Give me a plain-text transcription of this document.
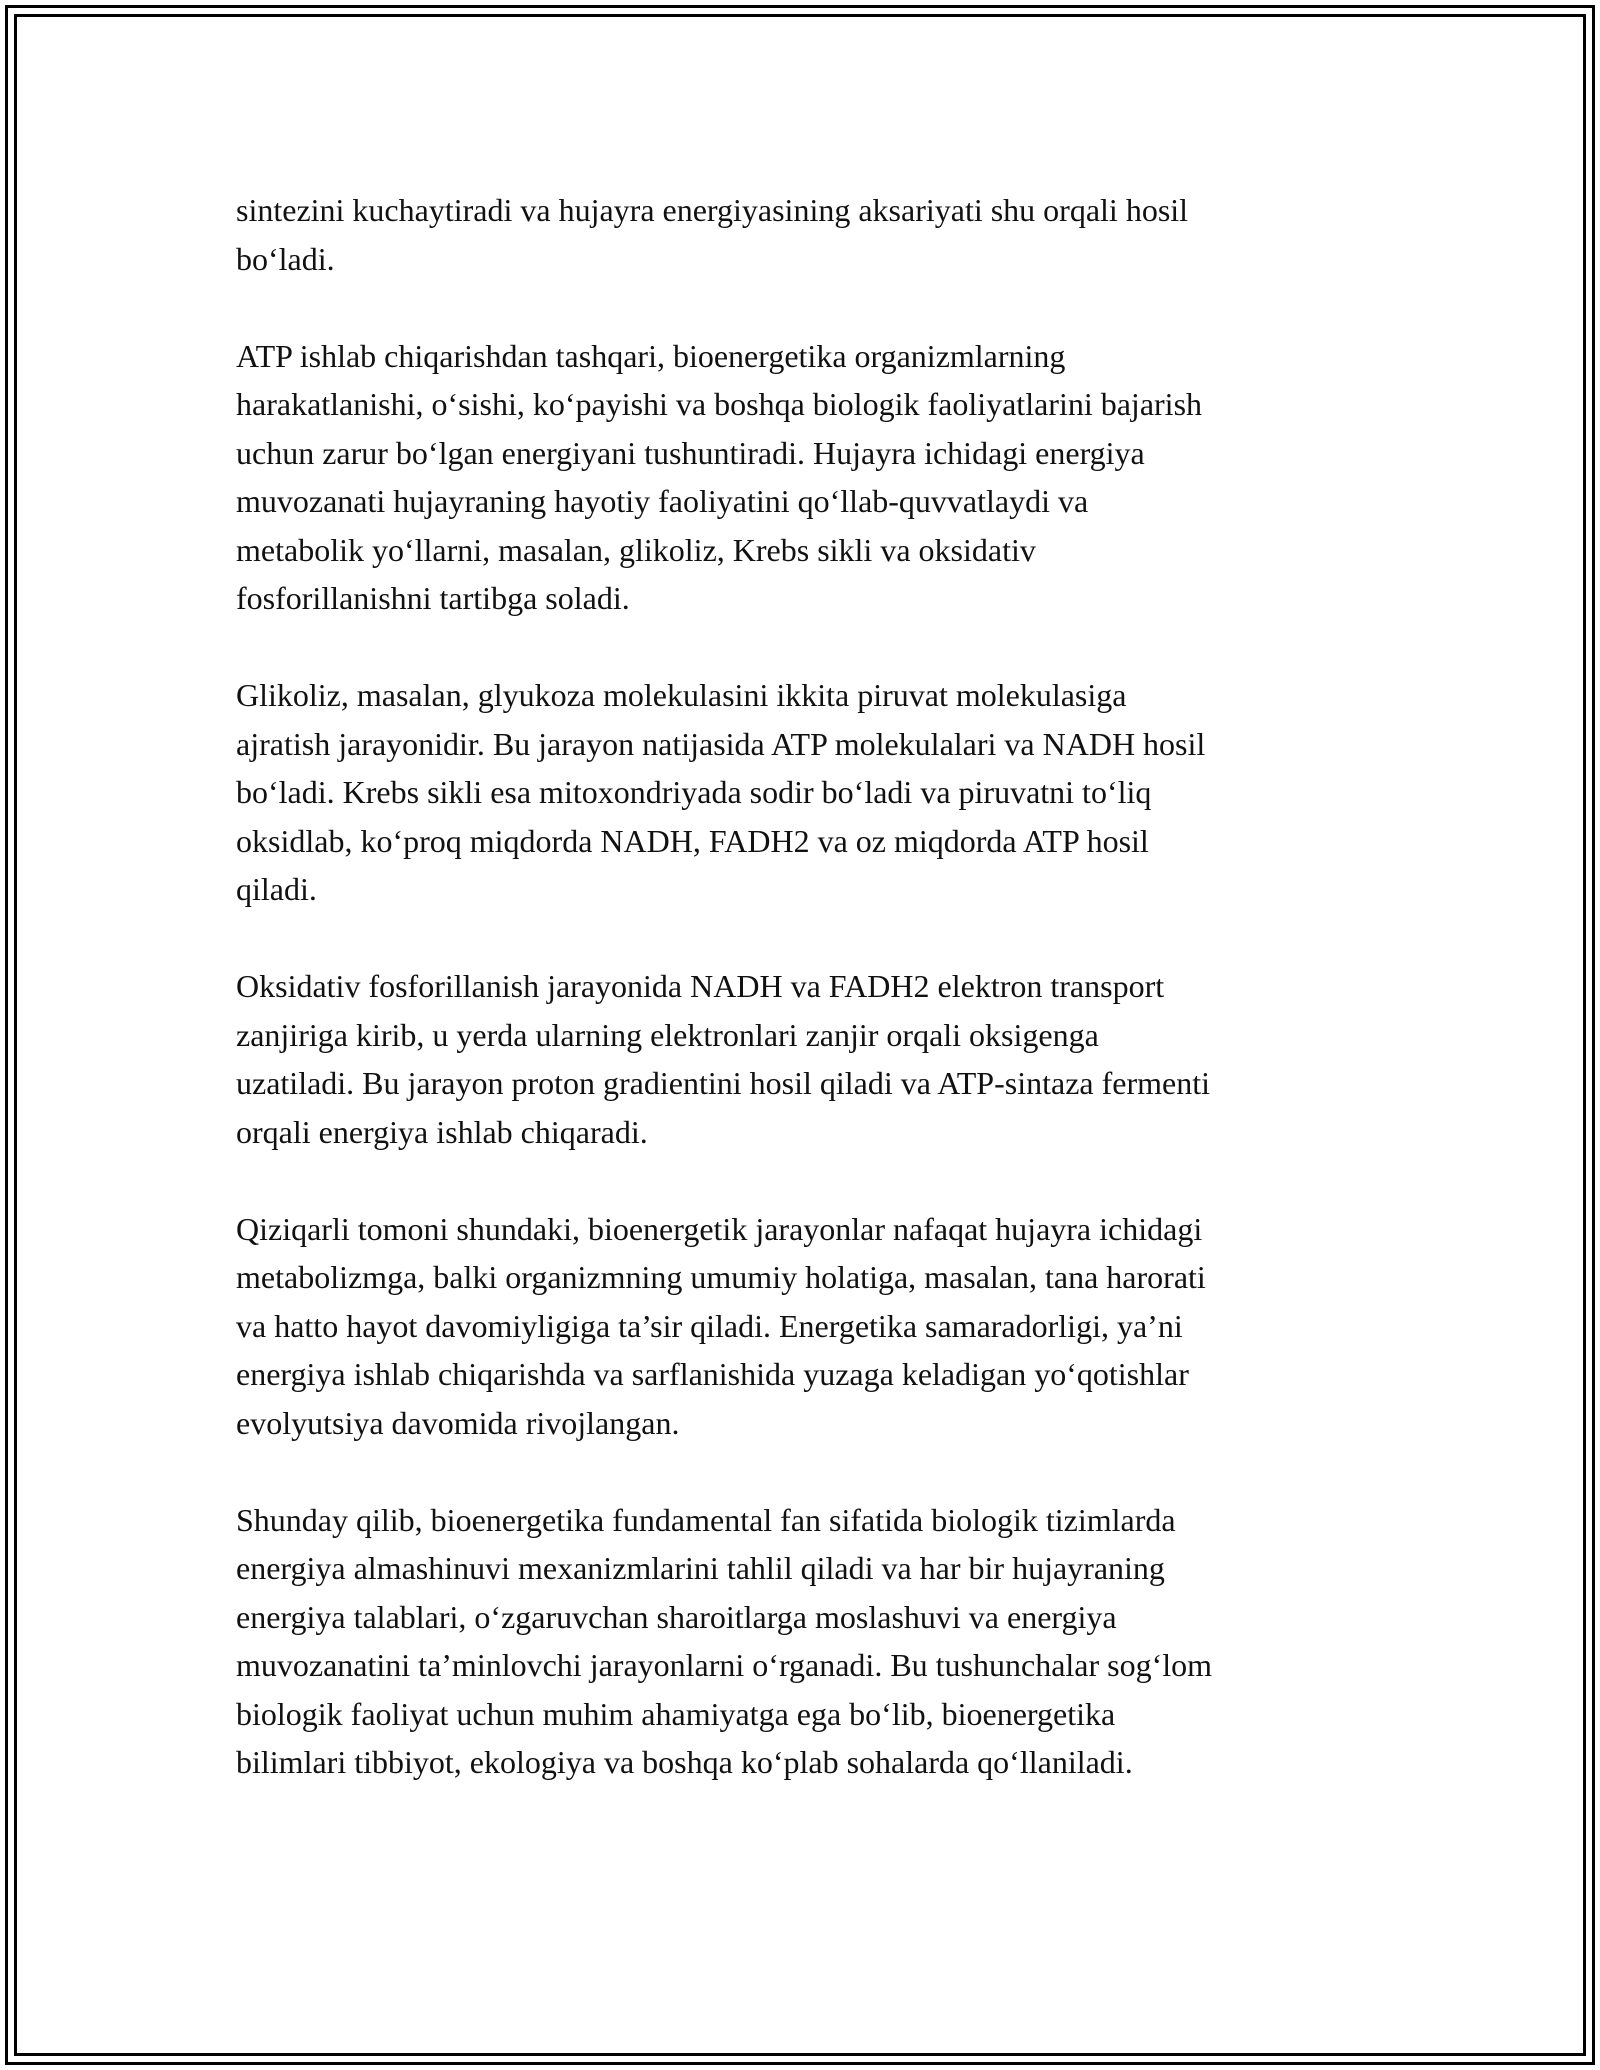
sintezini kuchaytiradi va hujayra energiyasining aksariyati shu orqali hosil
bo‘ladi.

ATP ishlab chiqarishdan tashqari, bioenergetika organizmlarning
harakatlanishi, o‘sishi, ko‘payishi va boshqa biologik faoliyatlarini bajarish
uchun zarur bo‘lgan energiyani tushuntiradi. Hujayra ichidagi energiya
muvozanati hujayraning hayotiy faoliyatini qo‘llab-quvvatlaydi va
metabolik yo‘llarni, masalan, glikoliz, Krebs sikli va oksidativ
fosforillanishni tartibga soladi.

Glikoliz, masalan, glyukoza molekulasini ikkita piruvat molekulasiga
ajratish jarayonidir. Bu jarayon natijasida ATP molekulalari va NADH hosil
bo‘ladi. Krebs sikli esa mitoxondriyada sodir bo‘ladi va piruvatni to‘liq
oksidlab, ko‘proq miqdorda NADH, FADH2 va oz miqdorda ATP hosil
qiladi.

Oksidativ fosforillanish jarayonida NADH va FADH2 elektron transport
zanjiriga kirib, u yerda ularning elektronlari zanjir orqali oksigenga
uzatiladi. Bu jarayon proton gradientini hosil qiladi va ATP-sintaza fermenti
orqali energiya ishlab chiqaradi.

Qiziqarli tomoni shundaki, bioenergetik jarayonlar nafaqat hujayra ichidagi
metabolizmga, balki organizmning umumiy holatiga, masalan, tana harorati
va hatto hayot davomiyligiga ta’sir qiladi. Energetika samaradorligi, ya’ni
energiya ishlab chiqarishda va sarflanishida yuzaga keladigan yo‘qotishlar
evolyutsiya davomida rivojlangan.

Shunday qilib, bioenergetika fundamental fan sifatida biologik tizimlarda
energiya almashinuvi mexanizmlarini tahlil qiladi va har bir hujayraning
energiya talablari, o‘zgaruvchan sharoitlarga moslashuvi va energiya
muvozanatini ta’minlovchi jarayonlarni o‘rganadi. Bu tushunchalar sog‘lom
biologik faoliyat uchun muhim ahamiyatga ega bo‘lib, bioenergetika
bilimlari tibbiyot, ekologiya va boshqa ko‘plab sohalarda qo‘llaniladi.
